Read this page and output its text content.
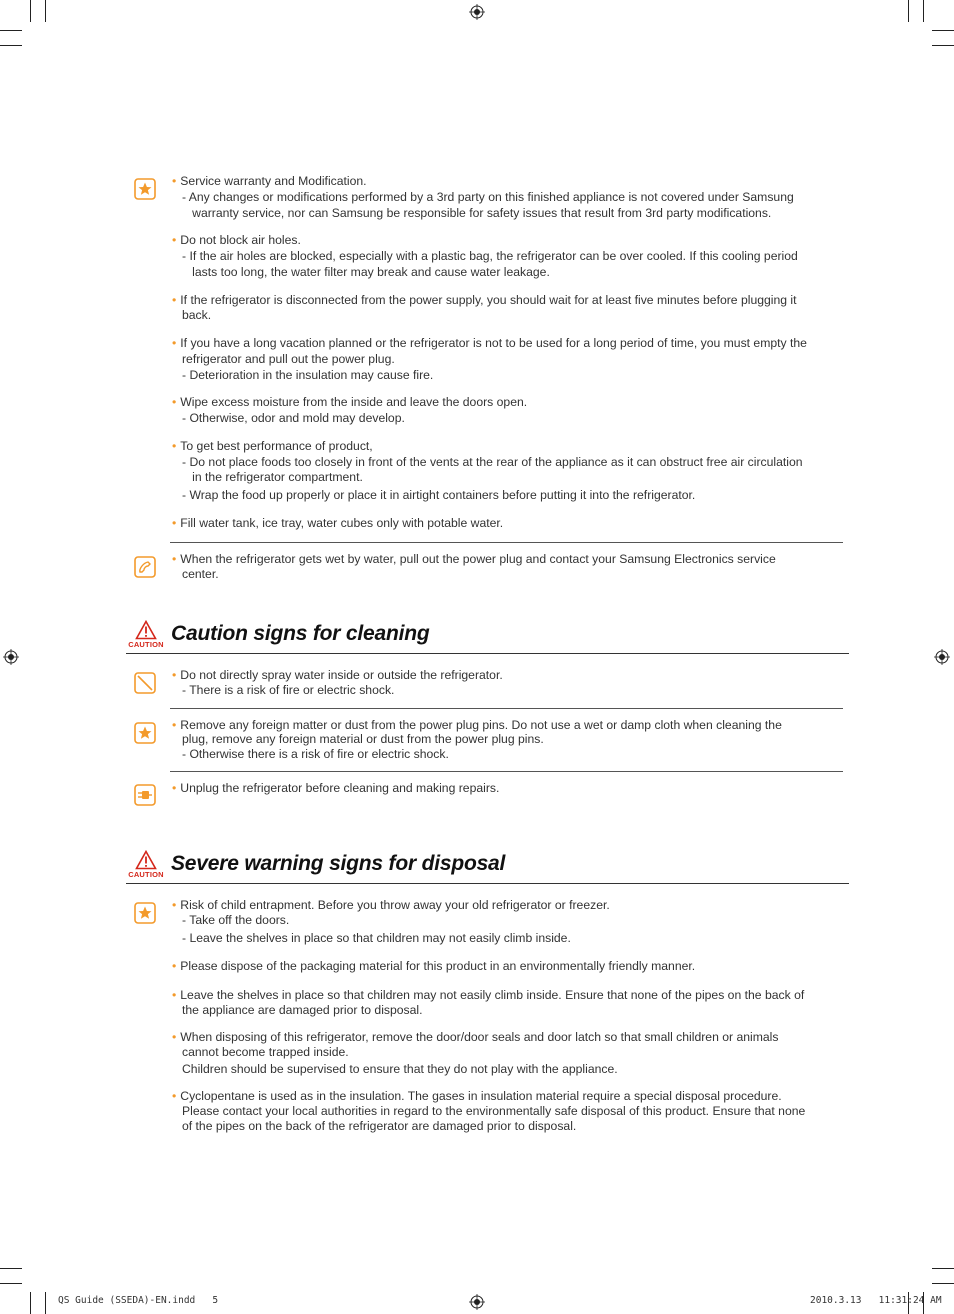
• Service warranty and Modification.
- Any changes or modifications performed by a 3rd party on this finished appliance is not covered under Samsung
warranty service, nor can Samsung be responsible for safety issues that result from 3rd party modifications.
• Do not block air holes.
- If the air holes are blocked, especially with a plastic bag, the refrigerator can be over cooled. If this cooling period
lasts too long, the water filter may break and cause water leakage.
• If the refrigerator is disconnected from the power supply, you should wait for at least five minutes before plugging it
back.
• If you have a long vacation planned or the refrigerator is not to be used for a long period of time, you must empty the
refrigerator and pull out the power plug.
- Deterioration in the insulation may cause fire.
• Wipe excess moisture from the inside and leave the doors open.
- Otherwise, odor and mold may develop.
• To get best performance of product,
- Do not place foods too closely in front of the vents at the rear of the appliance as it can obstruct free air circulation
in the refrigerator compartment.
- Wrap the food up properly or place it in airtight containers before putting it into the refrigerator.
• Fill water tank, ice tray, water cubes only with potable water.
• When the refrigerator gets wet by water, pull out the power plug and contact your Samsung Electronics service
center.
CAUTION Caution signs for cleaning
• Do not directly spray water inside or outside the refrigerator.
- There is a risk of fire or electric shock.
• Remove any foreign matter or dust from the power plug pins. Do not use a wet or damp cloth when cleaning the
plug, remove any foreign material or dust from the power plug pins.
- Otherwise there is a risk of fire or electric shock.
• Unplug the refrigerator before cleaning and making repairs.
CAUTION Severe warning signs for disposal
• Risk of child entrapment. Before you throw away your old refrigerator or freezer.
- Take off the doors.
- Leave the shelves in place so that children may not easily climb inside.
• Please dispose of the packaging material for this product in an environmentally friendly manner.
• Leave the shelves in place so that children may not easily climb inside. Ensure that none of the pipes on the back of
the appliance are damaged prior to disposal.
• When disposing of this refrigerator, remove the door/door seals and door latch so that small children or animals
cannot become trapped inside.
Children should be supervised to ensure that they do not play with the appliance.
• Cyclopentane is used as in the insulation. The gases in insulation material require a special disposal procedure.
Please contact your local authorities in regard to the environmentally safe disposal of this product. Ensure that none
of the pipes on the back of the refrigerator are damaged prior to disposal.
QS Guide (SSEDA)-EN.indd   5	2010.3.13   11:31:24 AM
